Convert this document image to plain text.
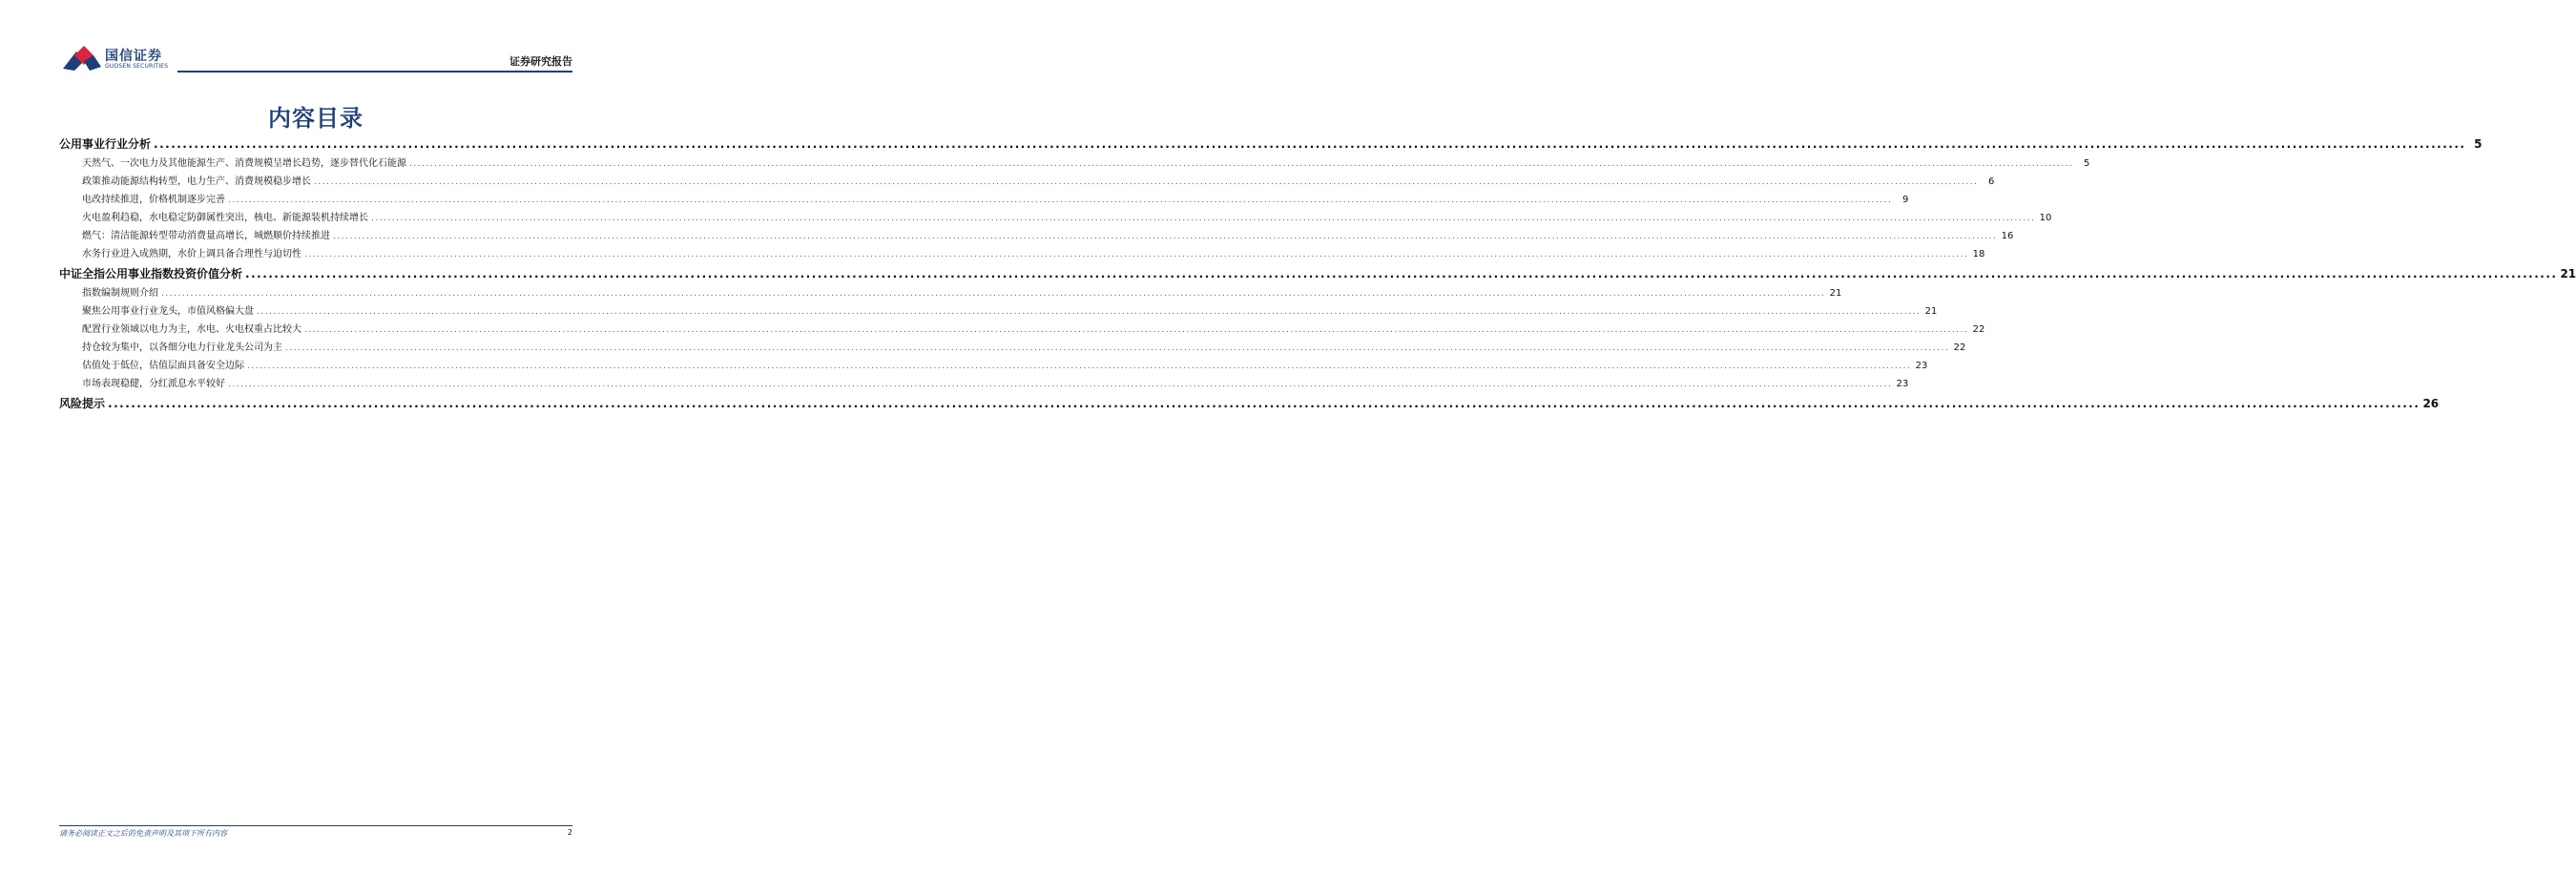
国信证券
GUOSEN SECURITIES	证券研究报告
内容目录
公用事业行业分析 ................................................................................................................................................................................................................................................................................................................................................................................................................ 5
天然气、一次电力及其他能源生产、消费规模呈增长趋势，逐步替代化石能源 ................................................................................................................................................................................................................................................................................................................................................................................................................	5
政策推动能源结构转型，电力生产、消费规模稳步增长 ................................................................................................................................................................................................................................................................................................................................................................................................................	6
电改持续推进，价格机制逐步完善 ................................................................................................................................................................................................................................................................................................................................................................................................................	9
火电盈利趋稳，水电稳定防御属性突出，核电、新能源装机持续增长 ................................................................................................................................................................................................................................................................................................................................................................................................................ 10
燃气：清洁能源转型带动消费量高增长，城燃顺价持续推进 ................................................................................................................................................................................................................................................................................................................................................................................................................ 16
水务行业进入成熟期，水价上调具备合理性与迫切性 ................................................................................................................................................................................................................................................................................................................................................................................................................ 18
中证全指公用事业指数投资价值分析 ................................................................................................................................................................................................................................................................................................................................................................................................................ 21
指数编制规则介绍 ................................................................................................................................................................................................................................................................................................................................................................................................................ 21
聚焦公用事业行业龙头，市值风格偏大盘 ................................................................................................................................................................................................................................................................................................................................................................................................................ 21
配置行业领域以电力为主，水电、火电权重占比较大 ................................................................................................................................................................................................................................................................................................................................................................................................................ 22
持仓较为集中，以各细分电力行业龙头公司为主 ................................................................................................................................................................................................................................................................................................................................................................................................................ 22
估值处于低位，估值层面具备安全边际 ................................................................................................................................................................................................................................................................................................................................................................................................................ 23
市场表现稳健，分红派息水平较好 ................................................................................................................................................................................................................................................................................................................................................................................................................ 23
风险提示 ................................................................................................................................................................................................................................................................................................................................................................................................................ 26
请务必阅读正文之后的免责声明及其项下所有内容	2
